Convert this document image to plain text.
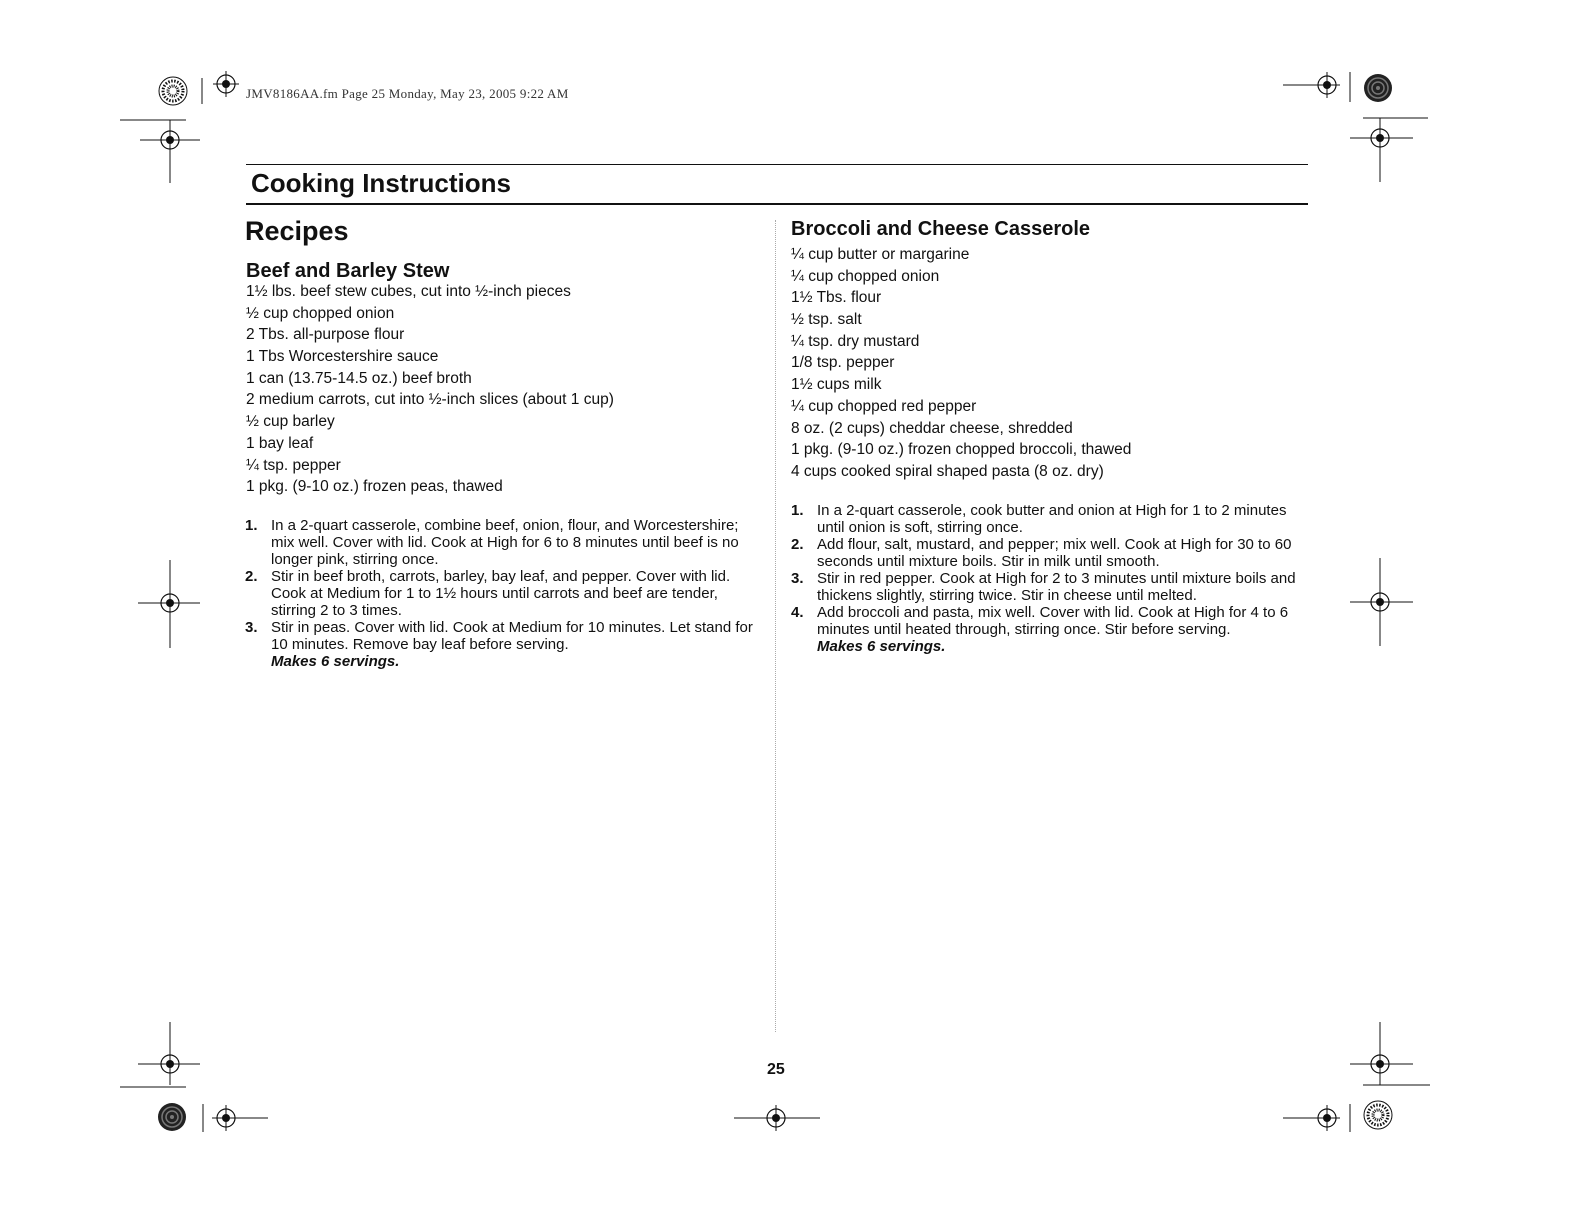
JMV8186AA.fm Page 25 Monday, May 23, 2005 9:22 AM
Cooking Instructions
Recipes
Beef and Barley Stew
1½ lbs. beef stew cubes, cut into ½-inch pieces
½ cup chopped onion
2 Tbs. all-purpose flour
1 Tbs Worcestershire sauce
1 can (13.75-14.5 oz.) beef broth
2 medium carrots, cut into ½-inch slices (about 1 cup)
½ cup barley
1 bay leaf
¼ tsp. pepper
1 pkg. (9-10 oz.) frozen peas, thawed
1. In a 2-quart casserole, combine beef, onion, flour, and Worcestershire; mix well. Cover with lid. Cook at High for 6 to 8 minutes until beef is no longer pink, stirring once.
2. Stir in beef broth, carrots, barley, bay leaf, and pepper. Cover with lid. Cook at Medium for 1 to 1½ hours until carrots and beef are tender, stirring 2 to 3 times.
3. Stir in peas. Cover with lid. Cook at Medium for 10 minutes. Let stand for 10 minutes. Remove bay leaf before serving.
Makes 6 servings.
Broccoli and Cheese Casserole
¼ cup butter or margarine
¼ cup chopped onion
1½ Tbs. flour
½ tsp. salt
¼ tsp. dry mustard
1/8 tsp. pepper
1½ cups milk
¼ cup chopped red pepper
8 oz. (2 cups) cheddar cheese, shredded
1 pkg. (9-10 oz.) frozen chopped broccoli, thawed
4 cups cooked spiral shaped pasta (8 oz. dry)
1. In a 2-quart casserole, cook butter and onion at High for 1 to 2 minutes until onion is soft, stirring once.
2. Add flour, salt, mustard, and pepper; mix well. Cook at High for 30 to 60 seconds until mixture boils. Stir in milk until smooth.
3. Stir in red pepper. Cook at High for 2 to 3 minutes until mixture boils and thickens slightly, stirring twice. Stir in cheese until melted.
4. Add broccoli and pasta, mix well. Cover with lid. Cook at High for 4 to 6 minutes until heated through, stirring once. Stir before serving.
Makes 6 servings.
25
